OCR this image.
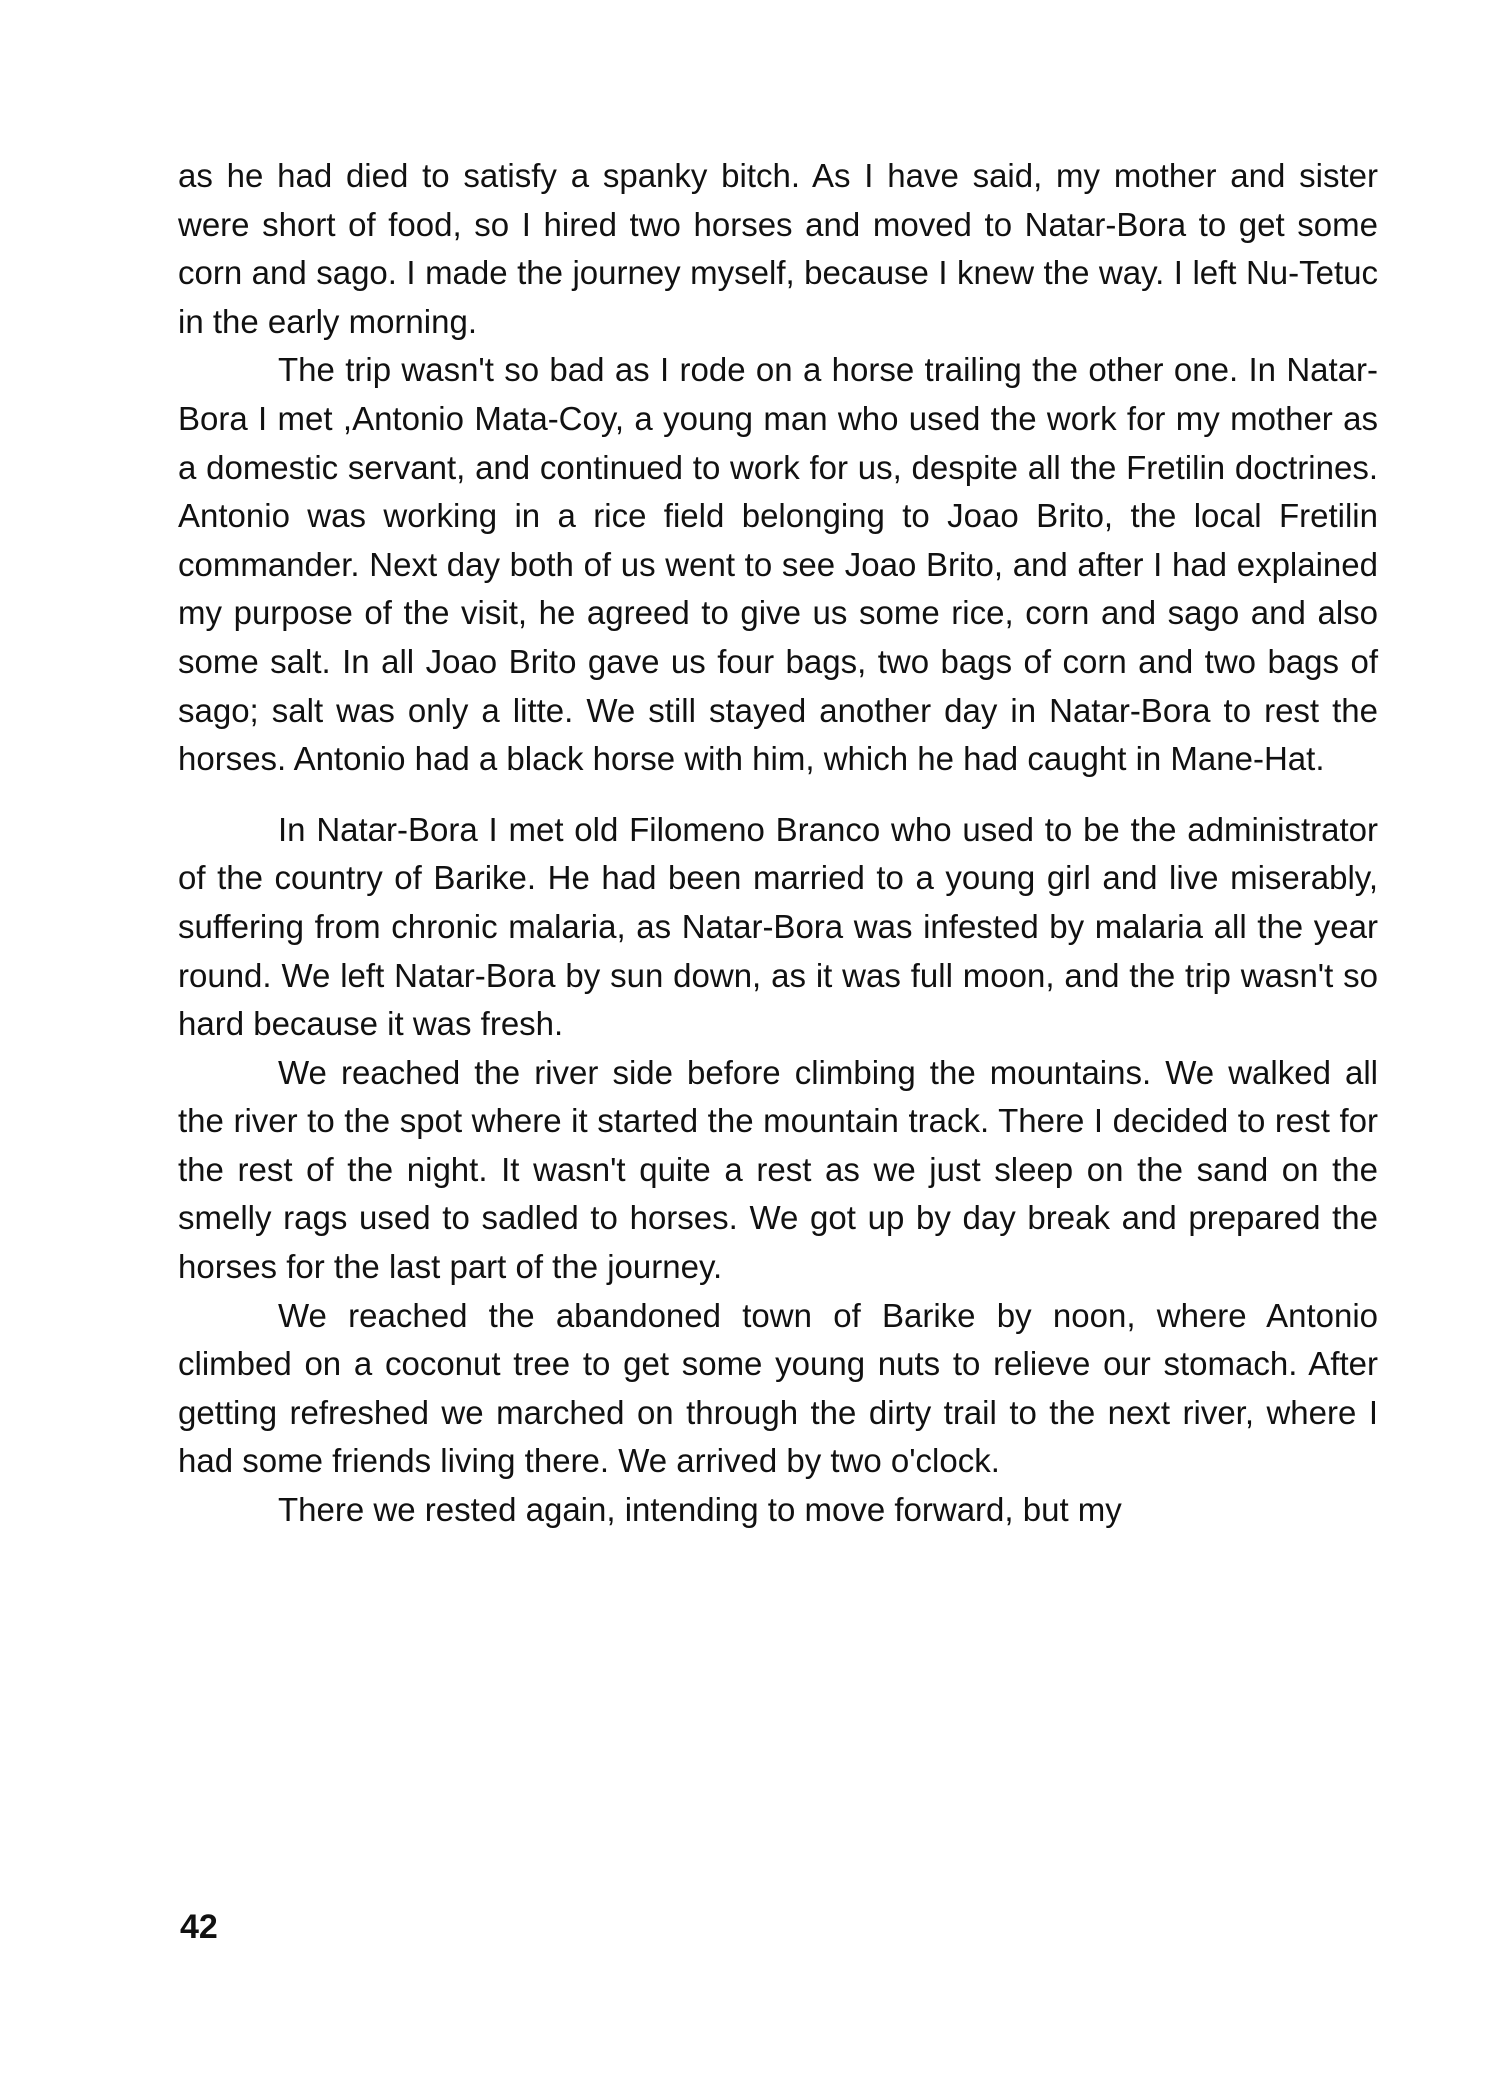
as he had died to satisfy a spanky bitch. As I have said, my mother and sister were short of food, so I hired two horses and moved to Natar-Bora to get some corn and sago. I made the journey myself, because I knew the way. I left Nu-Tetuc in the early morning.

The trip wasn't so bad as I rode on a horse trailing the other one. In Natar-Bora I met ,Antonio Mata-Coy, a young man who used the work for my mother as a domestic servant, and continued to work for us, despite all the Fretilin doctrines. Antonio was working in a rice field belonging to Joao Brito, the local Fretilin commander. Next day both of us went to see Joao Brito, and after I had explained my purpose of the visit, he agreed to give us some rice, corn and sago and also some salt. In all Joao Brito gave us four bags, two bags of corn and two bags of sago; salt was only a litte. We still stayed another day in Natar-Bora to rest the horses. Antonio had a black horse with him, which he had caught in Mane-Hat.

In Natar-Bora I met old Filomeno Branco who used to be the administrator of the country of Barike. He had been married to a young girl and live miserably, suffering from chronic malaria, as Natar-Bora was infested by malaria all the year round. We left Natar-Bora by sun down, as it was full moon, and the trip wasn't so hard because it was fresh.

We reached the river side before climbing the mountains. We walked all the river to the spot where it started the mountain track. There I decided to rest for the rest of the night. It wasn't quite a rest as we just sleep on the sand on the smelly rags used to sadled to horses. We got up by day break and prepared the horses for the last part of the journey.

We reached the abandoned town of Barike by noon, where Antonio climbed on a coconut tree to get some young nuts to relieve our stomach. After getting refreshed we marched on through the dirty trail to the next river, where I had some friends living there. We arrived by two o'clock.

There we rested again, intending to move forward, but my

42
